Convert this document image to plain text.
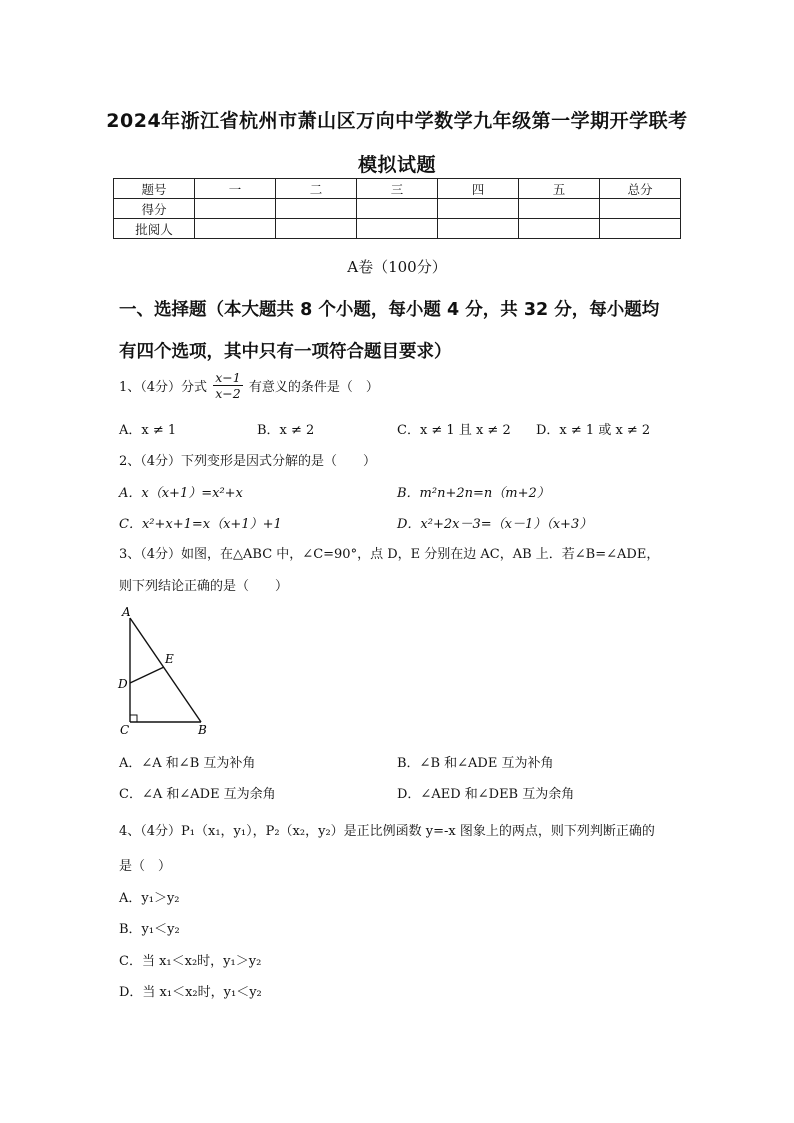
2024年浙江省杭州市萧山区万向中学数学九年级第一学期开学联考
模拟试题
题号	一	二	三	四	五	总分
得分						
批阅人						
A卷（100分）
一、选择题（本大题共 8 个小题，每小题 4 分，共 32 分，每小题均
有四个选项，其中只有一项符合题目要求）
1、（4分）分式 $\frac{x-1}{x-2}$ 有意义的条件是（　）
A．x ≠ 1	B．x ≠ 2	C．x ≠ 1 且 x ≠ 2 D．x ≠ 1 或 x ≠ 2
2、（4分）下列变形是因式分解的是（　　）
A．x（x+1）=x²+x	B．m²n+2n=n（m+2）
C．x²+x+1=x（x+1）+1	D．x²+2x－3=（x－1）（x+3）
3、（4分）如图，在△ABC 中，∠C=90°，点 D，E 分别在边 AC，AB 上．若∠B=∠ADE，
则下列结论正确的是（　　）
A
E
D
C	B
A．∠A 和∠B 互为补角	B．∠B 和∠ADE 互为补角
C．∠A 和∠ADE 互为余角	D．∠AED 和∠DEB 互为余角
4、（4分）P₁（x₁，y₁），P₂（x₂，y₂）是正比例函数 y=-x 图象上的两点，则下列判断正确的
是（　）
A．y₁＞y₂
B．y₁＜y₂
C．当 x₁＜x₂时，y₁＞y₂
D．当 x₁＜x₂时，y₁＜y₂
